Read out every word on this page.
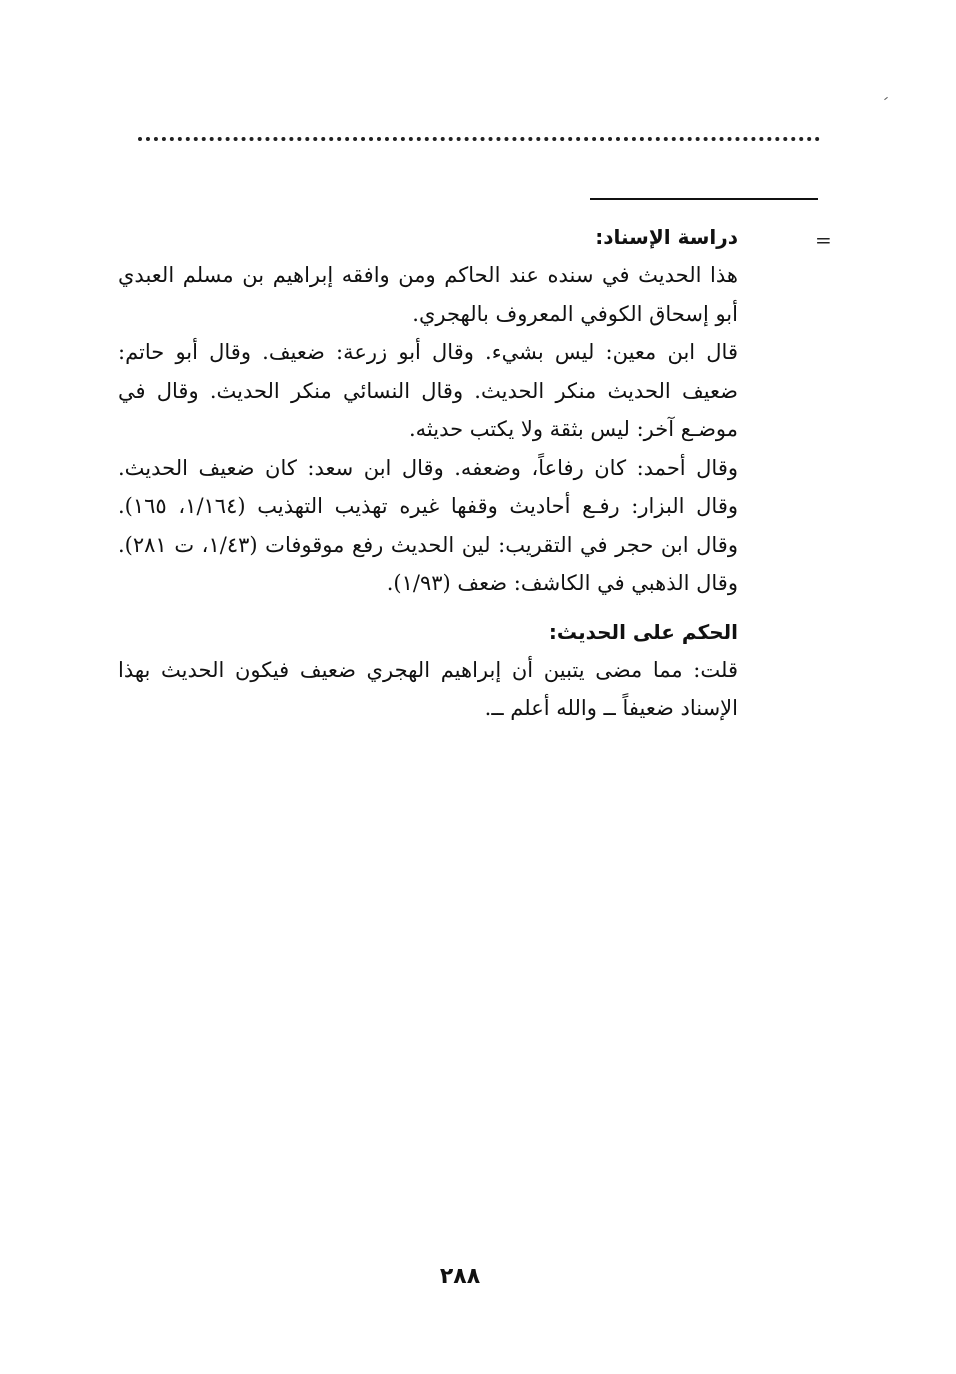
=
دراسة الإسناد:
هذا الحديث في سنده عند الحاكم ومن وافقه إبراهيم بن مسلم العبدي
أبو إسحاق الكوفي المعروف بالهجري.
قال ابن معين: ليس بشيء. وقال أبو زرعة: ضعيف. وقال أبو حاتم:
ضعيف الحديث منكر الحديث. وقال النسائي منكر الحديث. وقال في
موضـع آخر: ليس بثقة ولا يكتب حديثه.
وقال أحمد: كان رفاعاً، وضعفه. وقال ابن سعد: كان ضعيف الحديث.
وقال البزار: رفـع أحاديث وقفها غيره تهذيب التهذيب (١/١٦٤، ١٦٥).
وقال ابن حجر في التقريب: لين الحديث رفع موقوفات (١/٤٣، ت ٢٨١).
وقال الذهبي في الكاشف: ضعف (١/٩٣).
الحكم على الحديث:
قلت: مما مضى يتبين أن إبراهيم الهجري ضعيف فيكون الحديث بهذا
الإسناد ضعيفاً ــ والله أعلم ــ.
٢٨٨
